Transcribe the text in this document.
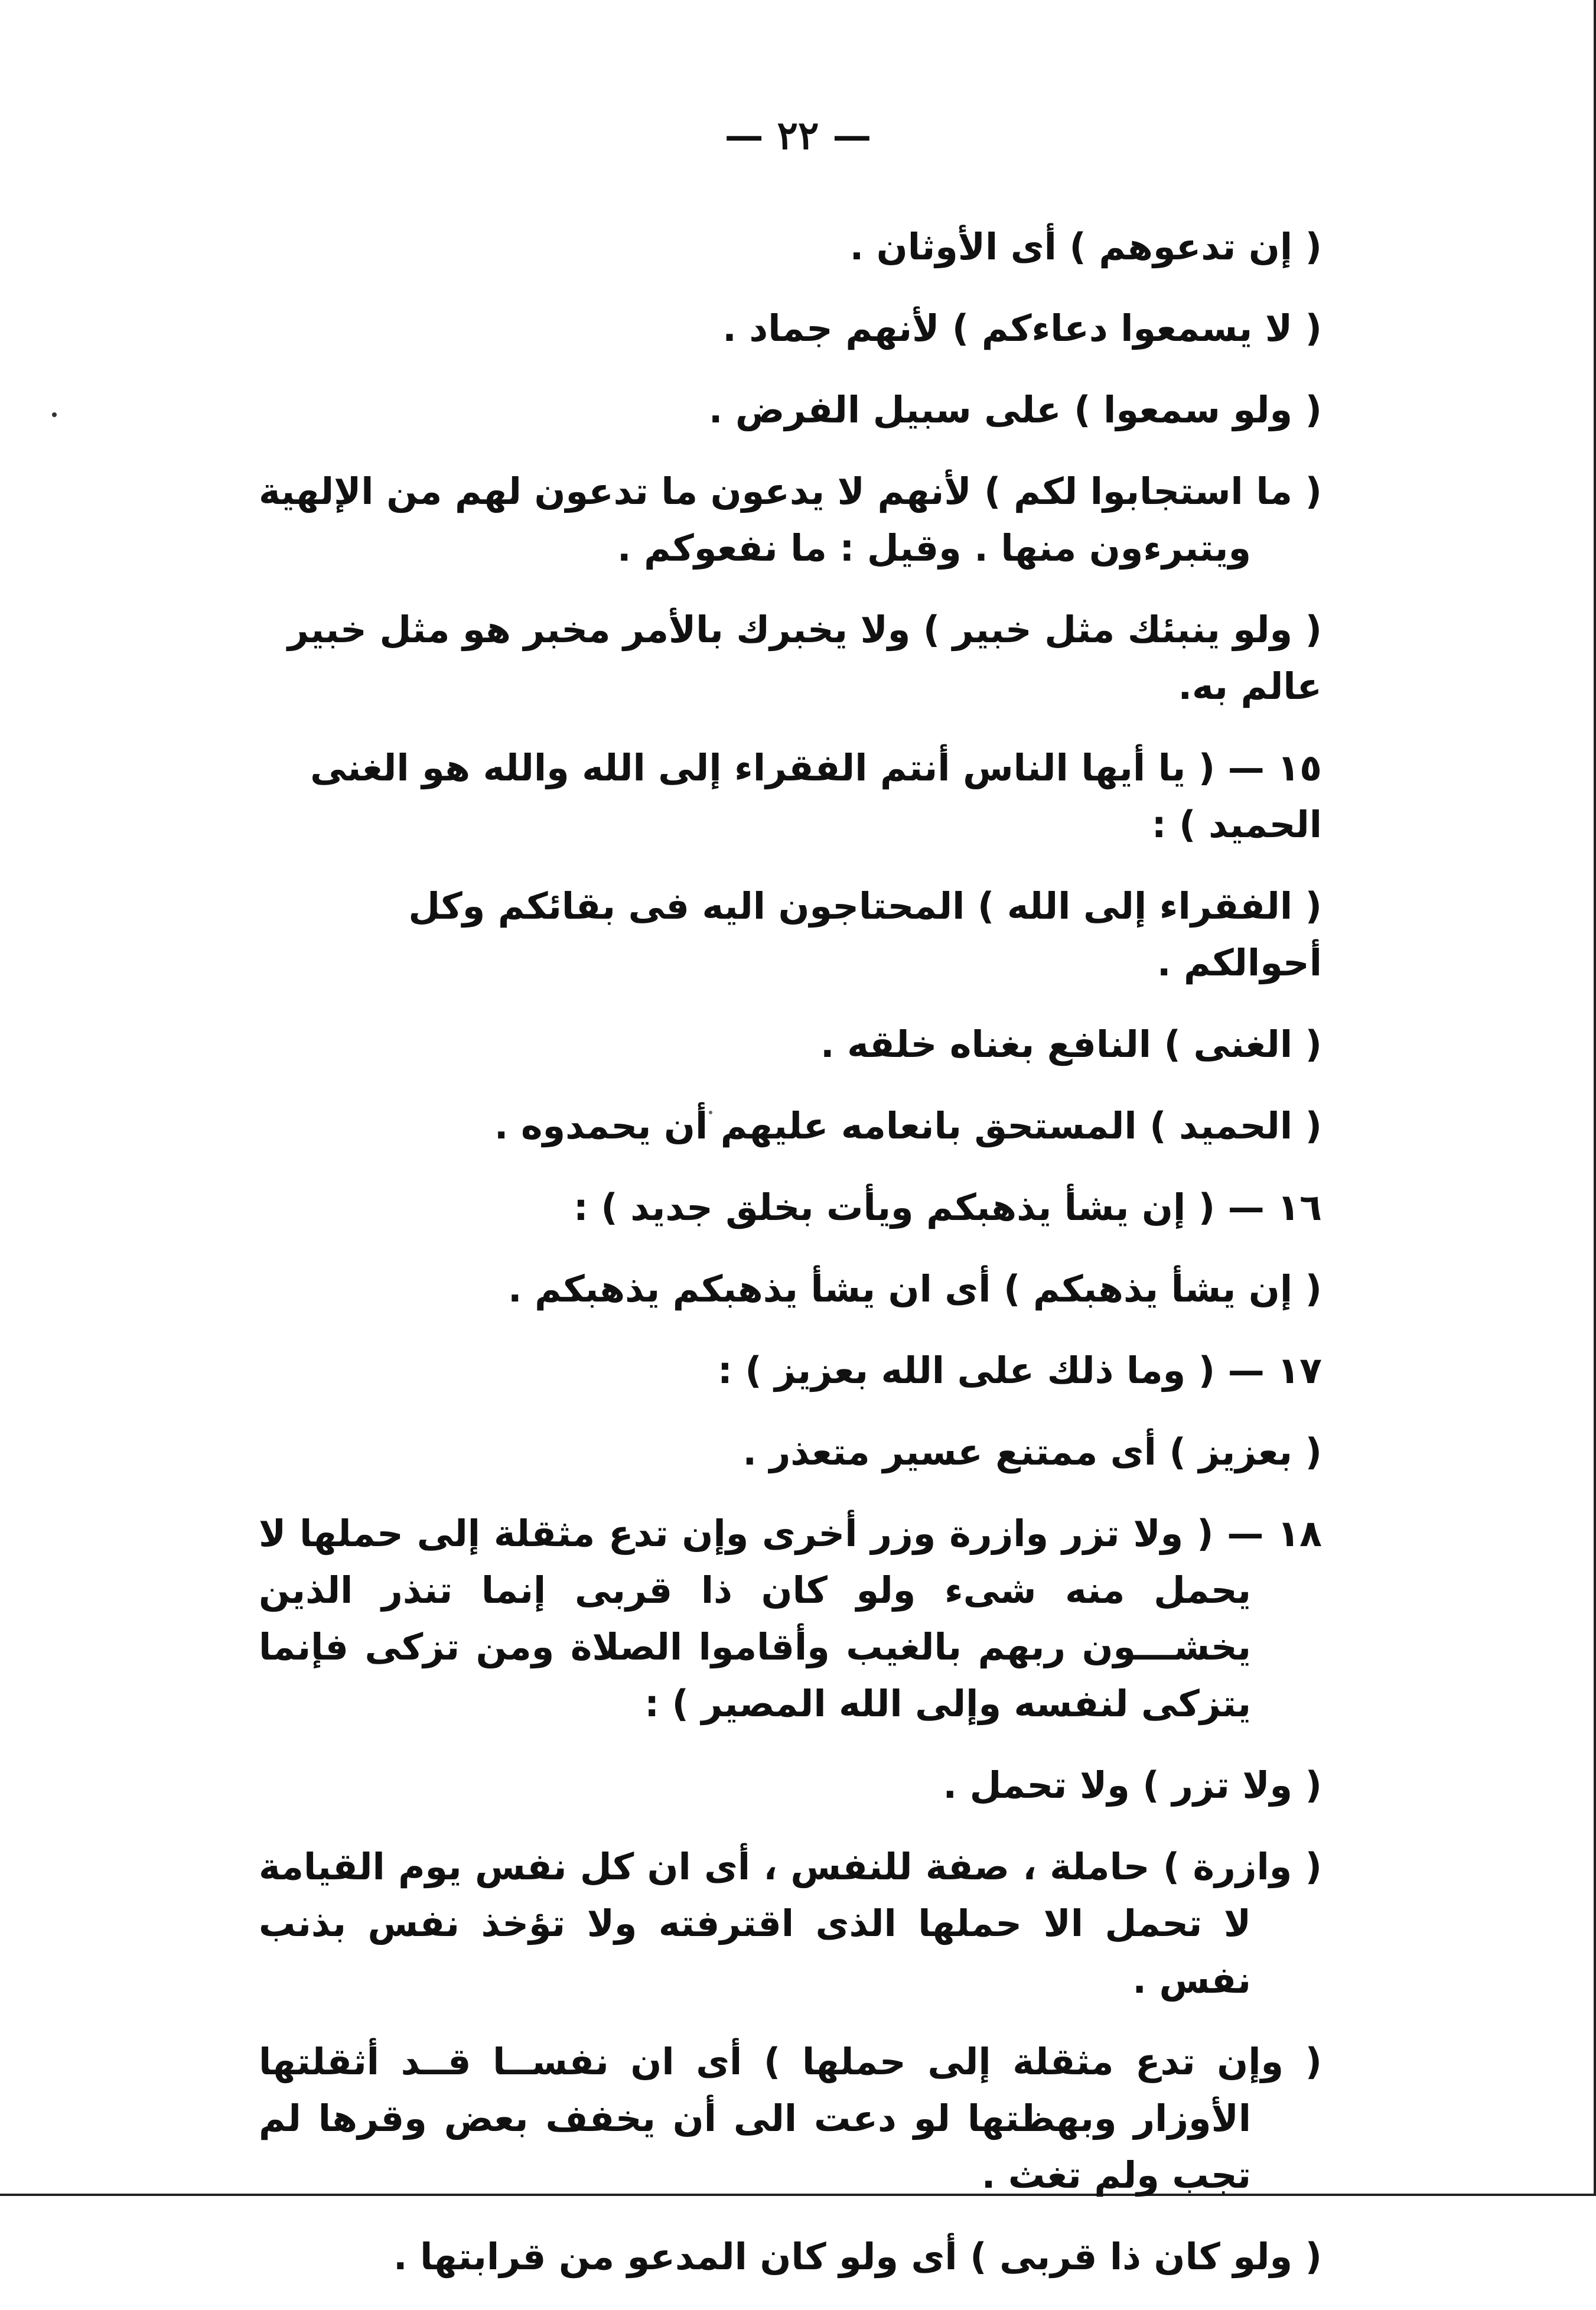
— ٢٢ —

( إن تدعوهم ) أى الأوثان .

( لا يسمعوا دعاءكم ) لأنهم جماد .

( ولو سمعوا ) على سبيل الفرض .

( ما استجابوا لكم ) لأنهم لا يدعون ما تدعون لهم من الإلهية ويتبرءون منها . وقيل : ما نفعوكم .

( ولو ينبئك مثل خبير ) ولا يخبرك بالأمر مخبر هو مثل خبير عالم به.

١٥ — ( يا أيها الناس أنتم الفقراء إلى الله والله هو الغنى الحميد ) :

( الفقراء إلى الله ) المحتاجون اليه فى بقائكم وكل أحوالكم .

( الغنى ) النافع بغناه خلقه .

( الحميد ) المستحق بانعامه عليهم أن يحمدوه .

١٦ — ( إن يشأ يذهبكم ويأت بخلق جديد ) :

( إن يشأ يذهبكم ) أى ان يشأ يذهبكم يذهبكم .

١٧ — ( وما ذلك على الله بعزيز ) :

( بعزيز ) أى ممتنع عسير متعذر .

١٨ — ( ولا تزر وازرة وزر أخرى وإن تدع مثقلة إلى حملها لا يحمل منه شىء ولو كان ذا قربى إنما تنذر الذين يخشـــون ربهم بالغيب وأقاموا الصلاة ومن تزكى فإنما يتزكى لنفسه وإلى الله المصير ) :

( ولا تزر ) ولا تحمل .

( وازرة ) حاملة ، صفة للنفس ، أى ان كل نفس يوم القيامة لا تحمل الا حملها الذى اقترفته ولا تؤخذ نفس بذنب نفس .

( وإن تدع مثقلة إلى حملها ) أى ان نفســا قــد أثقلتها الأوزار وبهظتها لو دعت الى أن يخفف بعض وقرها لم تجب ولم تغث .

( ولو كان ذا قربى ) أى ولو كان المدعو من قرابتها .
